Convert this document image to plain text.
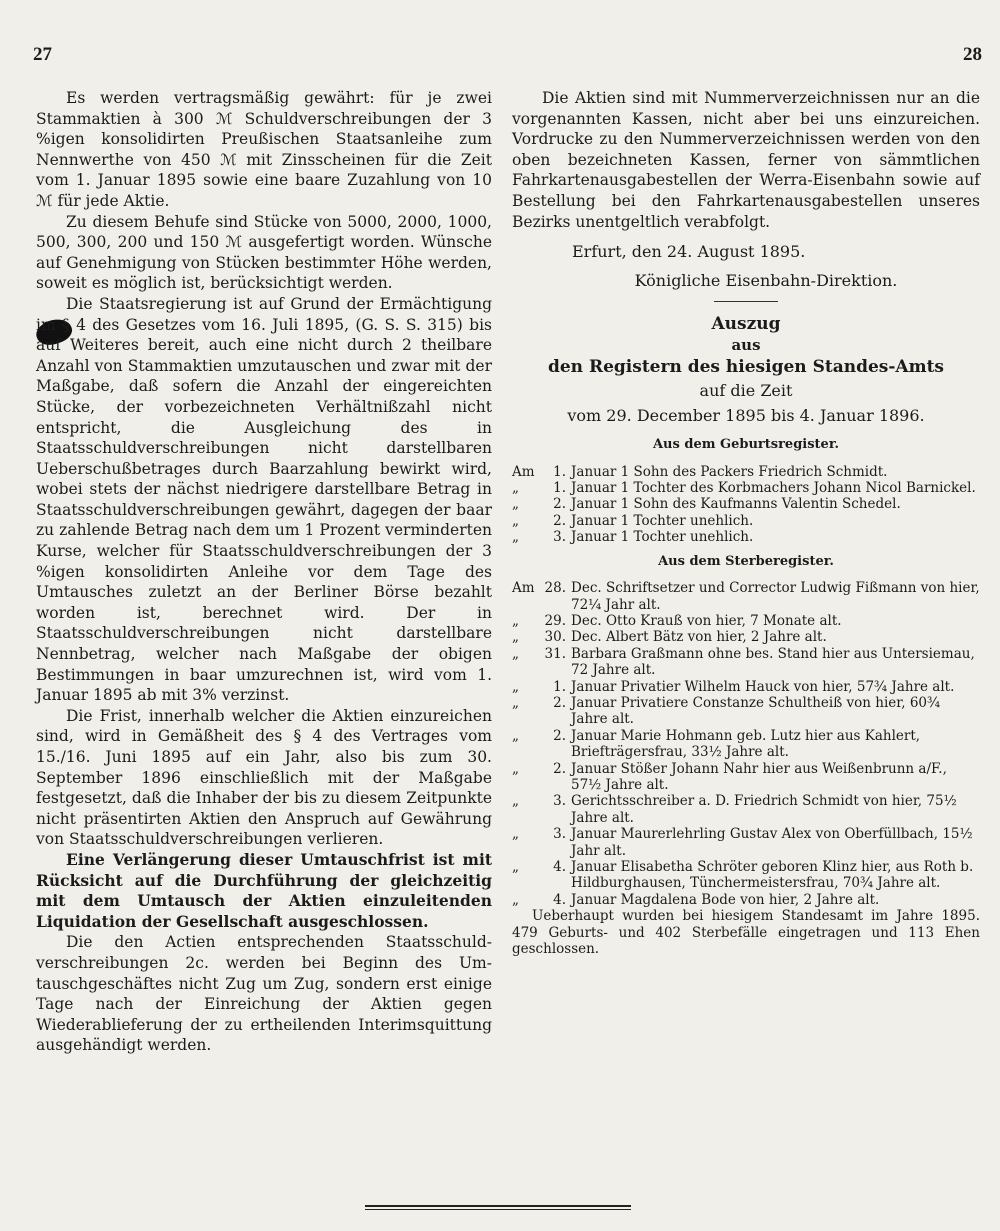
27	28

Es werden vertragsmäßig gewährt: für je zwei Stammaktien à 300 ℳ Schuldverschreibungen der 3 %igen konsolidirten Preußischen Staatsanleihe zum Nennwerthe von 450 ℳ mit Zinsscheinen für die Zeit vom 1. Januar 1895 sowie eine baare Zuzahlung von 10 ℳ für jede Aktie.

Zu diesem Behufe sind Stücke von 5000, 2000, 1000, 500, 300, 200 und 150 ℳ ausgefertigt worden. Wünsche auf Genehmigung von Stücken bestimmter Höhe werden, soweit es möglich ist, berücksichtigt werden.

Die Staatsregierung ist auf Grund der Ermächtigung im § 4 des Gesetzes vom 16. Juli 1895, (G. S. S. 315) bis auf Weiteres bereit, auch eine nicht durch 2 theilbare Anzahl von Stammaktien umzutauschen und zwar mit der Maßgabe, daß sofern die Anzahl der eingereichten Stücke, der vorbezeichneten Verhältnißzahl nicht entspricht, die Ausgleichung des in Staatsschuldverschreibungen nicht darstellbaren Ueberschußbetrages durch Baarzahlung bewirkt wird, wobei stets der nächst niedrigere darstellbare Betrag in Staatsschuldverschreibungen gewährt, dagegen der baar zu zahlende Betrag nach dem um 1 Prozent verminderten Kurse, welcher für Staatsschuldverschreibungen der 3 %igen konsolidirten Anleihe vor dem Tage des Umtausches zuletzt an der Berliner Börse bezahlt worden ist, berechnet wird. Der in Staatsschuldverschreibungen nicht darstellbare Nennbetrag, welcher nach Maßgabe der obigen Bestimmungen in baar umzurechnen ist, wird vom 1. Januar 1895 ab mit 3% verzinst.

Die Frist, innerhalb welcher die Aktien einzureichen sind, wird in Gemäßheit des § 4 des Vertrages vom 15./16. Juni 1895 auf ein Jahr, also bis zum 30. September 1896 einschließlich mit der Maßgabe festgesetzt, daß die Inhaber der bis zu diesem Zeitpunkte nicht präsentirten Aktien den Anspruch auf Gewährung von Staatsschuldverschreibungen verlieren.

Eine Verlängerung dieser Umtauschfrist ist mit Rücksicht auf die Durchführung der gleichzeitig mit dem Umtausch der Aktien einzuleitenden Liquidation der Gesellschaft ausgeschlossen.

Die den Actien entsprechenden Staatsschuldverschreibungen 2c. werden bei Beginn des Umtauschgeschäftes nicht Zug um Zug, sondern erst einige Tage nach der Einreichung der Aktien gegen Wiederablieferung der zu ertheilenden Interimsquittung ausgehändigt werden.

Die Aktien sind mit Nummerverzeichnissen nur an die vorgenannten Kassen, nicht aber bei uns einzureichen. Vordrucke zu den Nummerverzeichnissen werden von den oben bezeichneten Kassen, ferner von sämmtlichen Fahrkartenausgabestellen der Werra-Eisenbahn sowie auf Bestellung bei den Fahrkartenausgabestellen unseres Bezirks unentgeltlich verabfolgt.

Erfurt, den 24. August 1895.

Königliche Eisenbahn-Direktion.

Auszug
aus
den Registern des hiesigen Standes-Amts
auf die Zeit
vom 29. December 1895 bis 4. Januar 1896.
Aus dem Geburtsregister.
Am	1. Januar 1 Sohn des Packers Friedrich Schmidt.
„	1. Januar 1 Tochter des Korbmachers Johann Nicol Barnickel.
„	2. Januar 1 Sohn des Kaufmanns Valentin Schedel.
„	2. Januar 1 Tochter unehlich.
„	3. Januar 1 Tochter unehlich.
Aus dem Sterberegister.
Am 28. Dec. Schriftsetzer und Corrector Ludwig Fißmann von hier, 72¼ Jahr alt.
„	29. Dec. Otto Krauß von hier, 7 Monate alt.
„	30. Dec. Albert Bätz von hier, 2 Jahre alt.
„	31. Barbara Graßmann ohne bes. Stand hier aus Untersiemau, 72 Jahre alt.
„	1. Januar Privatier Wilhelm Hauck von hier, 57¾ Jahre alt.
„	2. Januar Privatiere Constanze Schultheiß von hier, 60¾ Jahre alt.
„	2. Januar Marie Hohmann geb. Lutz hier aus Kahlert, Briefträgersfrau, 33½ Jahre alt.
„	2. Januar Stößer Johann Nahr hier aus Weißenbrunn a/F., 57½ Jahre alt.
„	3. Gerichtsschreiber a. D. Friedrich Schmidt von hier, 75½ Jahre alt.
„	3. Januar Maurerlehrling Gustav Alex von Oberfüllbach, 15½ Jahr alt.
„	4. Januar Elisabetha Schröter geboren Klinz hier, aus Roth b. Hildburghausen, Tünchermeistersfrau, 70¾ Jahre alt.
„	4. Januar Magdalena Bode von hier, 2 Jahre alt.

Ueberhaupt wurden bei hiesigem Standesamt im Jahre 1895. 479 Geburts- und 402 Sterbefälle eingetragen und 113 Ehen geschlossen.
